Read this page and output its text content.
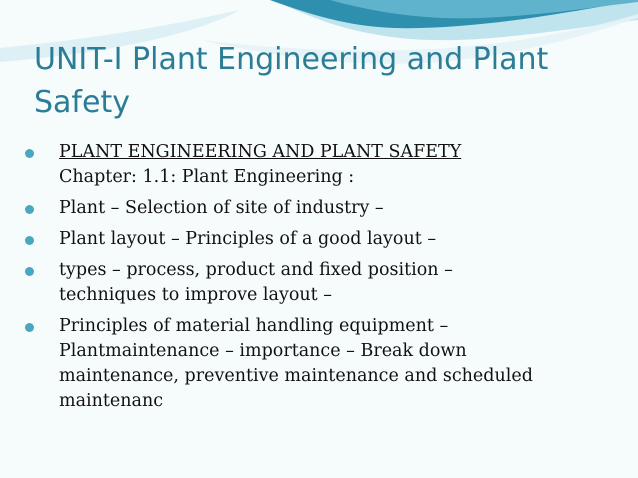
UNIT-I Plant Engineering and Plant Safety
PLANT ENGINEERING AND PLANT SAFETY
Chapter: 1.1: Plant Engineering :
Plant – Selection of site of industry –
Plant layout – Principles of a good layout –
types – process, product and fixed position –
techniques to improve layout –
Principles of material handling equipment –
Plantmaintenance – importance – Break down
maintenance, preventive maintenance and scheduled
maintenanc
